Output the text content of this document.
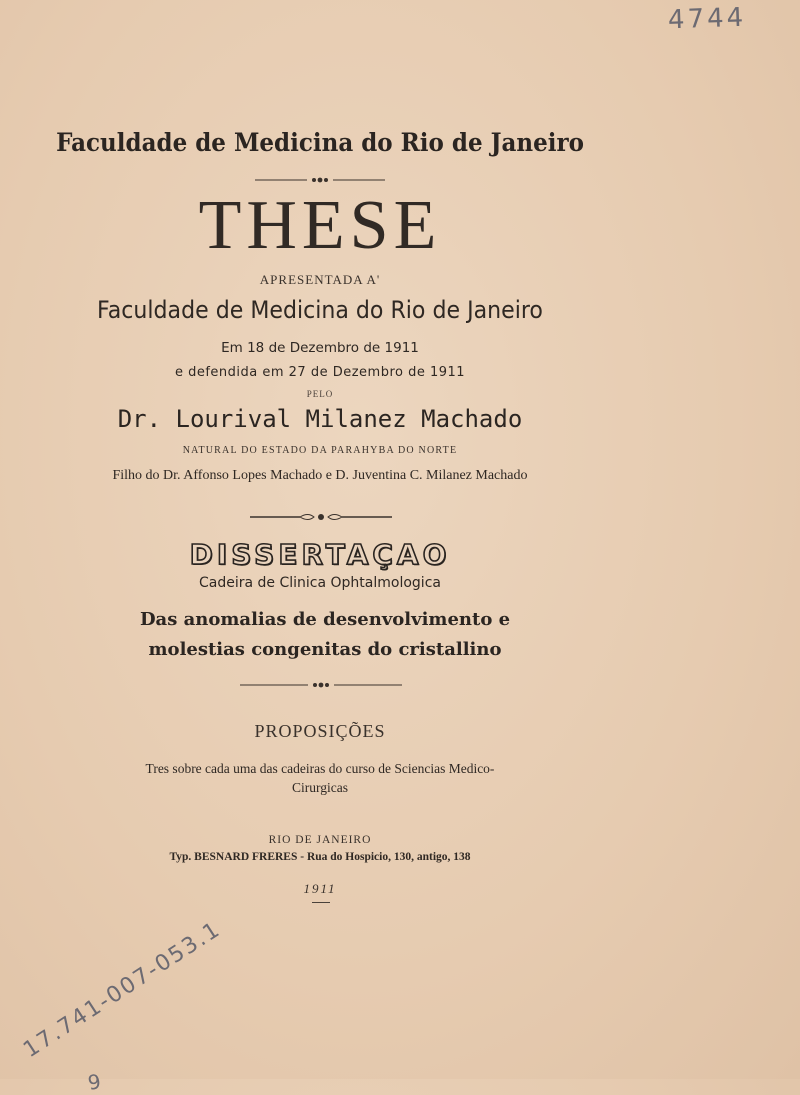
4744
Faculdade de Medicina do Rio de Janeiro
THESE
APRESENTADA A'
Faculdade de Medicina do Rio de Janeiro
Em 18 de Dezembro de 1911
e defendida em 27 de Dezembro de 1911
PELO
Dr. Lourival Milanez Machado
NATURAL DO ESTADO DA PARAHYBA DO NORTE
Filho do Dr. Affonso Lopes Machado e D. Juventina C. Milanez Machado
DISSERTAÇAO
Cadeira de Clinica Ophtalmologica
Das anomalias de desenvolvimento e molestias congenitas do cristallino
PROPOSIÇÕES
Tres sobre cada uma das cadeiras do curso de Sciencias Medico-Cirurgicas
RIO DE JANEIRO
Typ. BESNARD FRERES - Rua do Hospicio, 130, antigo, 138
1911
17.741-007-053.1
9
